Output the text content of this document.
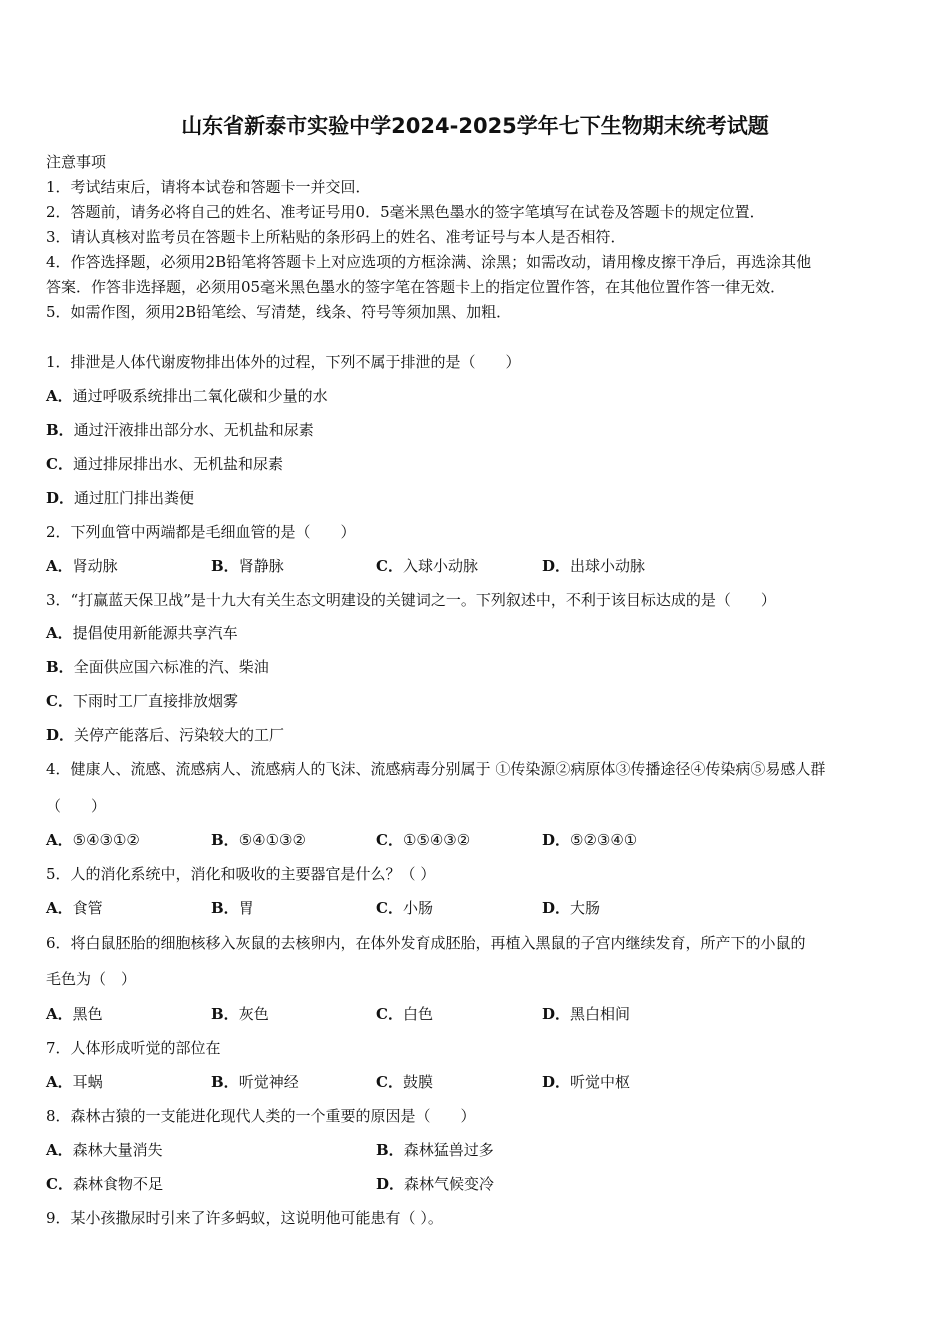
山东省新泰市实验中学2024-2025学年七下生物期末统考试题
注意事项
1．考试结束后，请将本试卷和答题卡一并交回．
2．答题前，请务必将自己的姓名、准考证号用0．5毫米黑色墨水的签字笔填写在试卷及答题卡的规定位置．
3．请认真核对监考员在答题卡上所粘贴的条形码上的姓名、准考证号与本人是否相符．
4．作答选择题，必须用2B铅笔将答题卡上对应选项的方框涂满、涂黑；如需改动，请用橡皮擦干净后，再选涂其他
答案．作答非选择题，必须用05毫米黑色墨水的签字笔在答题卡上的指定位置作答，在其他位置作答一律无效．
5．如需作图，须用2B铅笔绘、写清楚，线条、符号等须加黑、加粗．
1．排泄是人体代谢废物排出体外的过程，下列不属于排泄的是（　　）
A．通过呼吸系统排出二氧化碳和少量的水
B．通过汗液排出部分水、无机盐和尿素
C．通过排尿排出水、无机盐和尿素
D．通过肛门排出粪便
2．下列血管中两端都是毛细血管的是（　　）
A．肾动脉	B．肾静脉	C．入球小动脉	D．出球小动脉
3．“打赢蓝天保卫战”是十九大有关生态文明建设的关键词之一。下列叙述中，不利于该目标达成的是（　　）
A．提倡使用新能源共享汽车
B．全面供应国六标准的汽、柴油
C．下雨时工厂直接排放烟雾
D．关停产能落后、污染较大的工厂
4．健康人、流感、流感病人、流感病人的飞沫、流感病毒分别属于 ①传染源②病原体③传播途径④传染病⑤易感人群
（　　）
A．⑤④③①②	B．⑤④①③②	C．①⑤④③②	D．⑤②③④①
5．人的消化系统中，消化和吸收的主要器官是什么？（ ）
A．食管	B．胃	C．小肠	D．大肠
6．将白鼠胚胎的细胞核移入灰鼠的去核卵内，在体外发育成胚胎，再植入黑鼠的子宫内继续发育，所产下的小鼠的
毛色为（　）
A．黑色	B．灰色	C．白色	D．黑白相间
7．人体形成听觉的部位在
A．耳蜗	B．听觉神经	C．鼓膜	D．听觉中枢
8．森林古猿的一支能进化现代人类的一个重要的原因是（　　）
A．森林大量消失	B．森林猛兽过多
C．森林食物不足	D．森林气候变冷
9．某小孩撒尿时引来了许多蚂蚁，这说明他可能患有（ ）。
